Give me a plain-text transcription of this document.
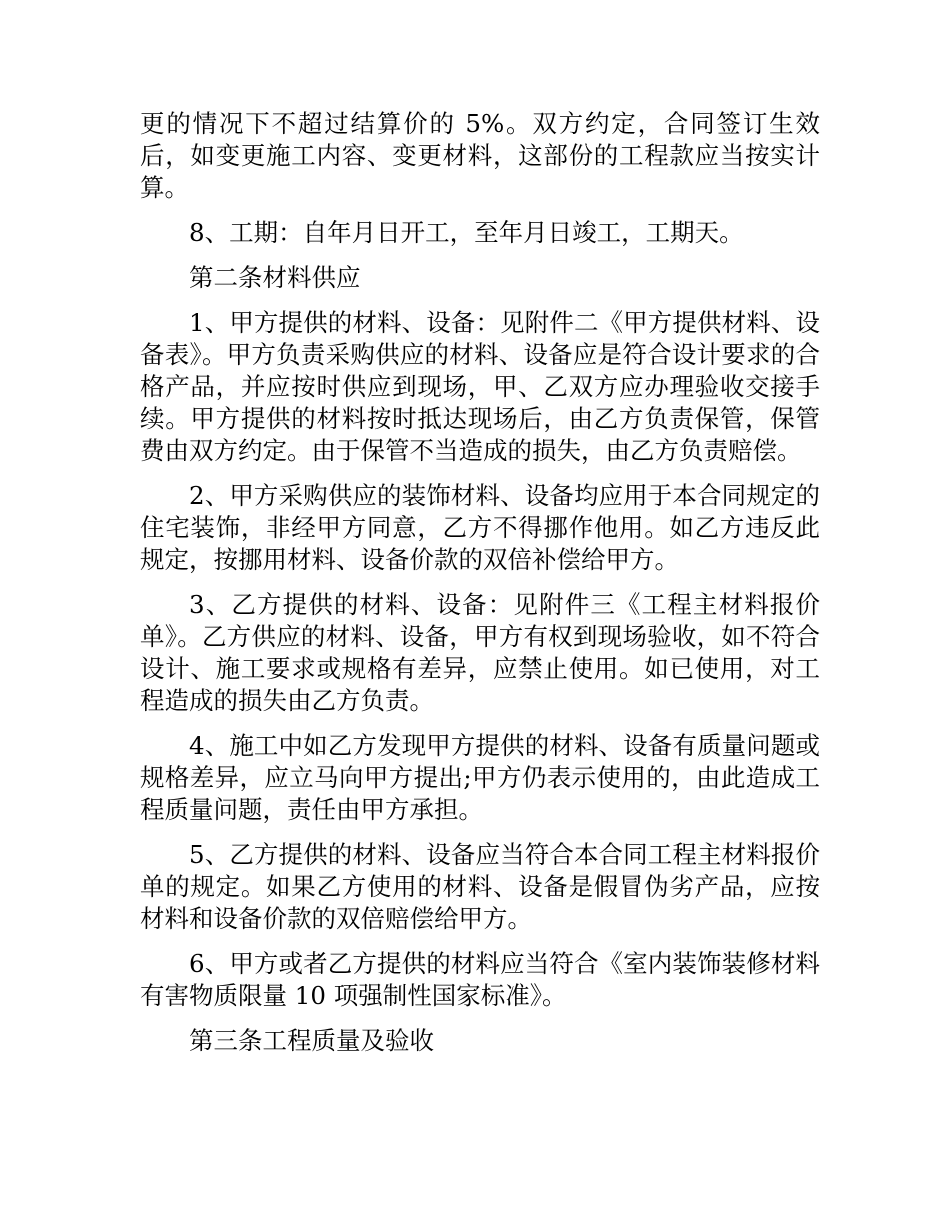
更的情况下不超过结算价的 5%。双方约定，合同签订生效后，如变更施工内容、变更材料，这部份的工程款应当按实计算。

8、工期：自年月日开工，至年月日竣工，工期天。

第二条材料供应

1、甲方提供的材料、设备：见附件二《甲方提供材料、设备表》。甲方负责采购供应的材料、设备应是符合设计要求的合格产品，并应按时供应到现场，甲、乙双方应办理验收交接手续。甲方提供的材料按时抵达现场后，由乙方负责保管，保管费由双方约定。由于保管不当造成的损失，由乙方负责赔偿。

2、甲方采购供应的装饰材料、设备均应用于本合同规定的住宅装饰，非经甲方同意，乙方不得挪作他用。如乙方违反此规定，按挪用材料、设备价款的双倍补偿给甲方。

3、乙方提供的材料、设备：见附件三《工程主材料报价单》。乙方供应的材料、设备，甲方有权到现场验收，如不符合设计、施工要求或规格有差异，应禁止使用。如已使用，对工程造成的损失由乙方负责。

4、施工中如乙方发现甲方提供的材料、设备有质量问题或规格差异，应立马向甲方提出;甲方仍表示使用的，由此造成工程质量问题，责任由甲方承担。

5、乙方提供的材料、设备应当符合本合同工程主材料报价单的规定。如果乙方使用的材料、设备是假冒伪劣产品，应按材料和设备价款的双倍赔偿给甲方。

6、甲方或者乙方提供的材料应当符合《室内装饰装修材料有害物质限量 10 项强制性国家标准》。

第三条工程质量及验收
